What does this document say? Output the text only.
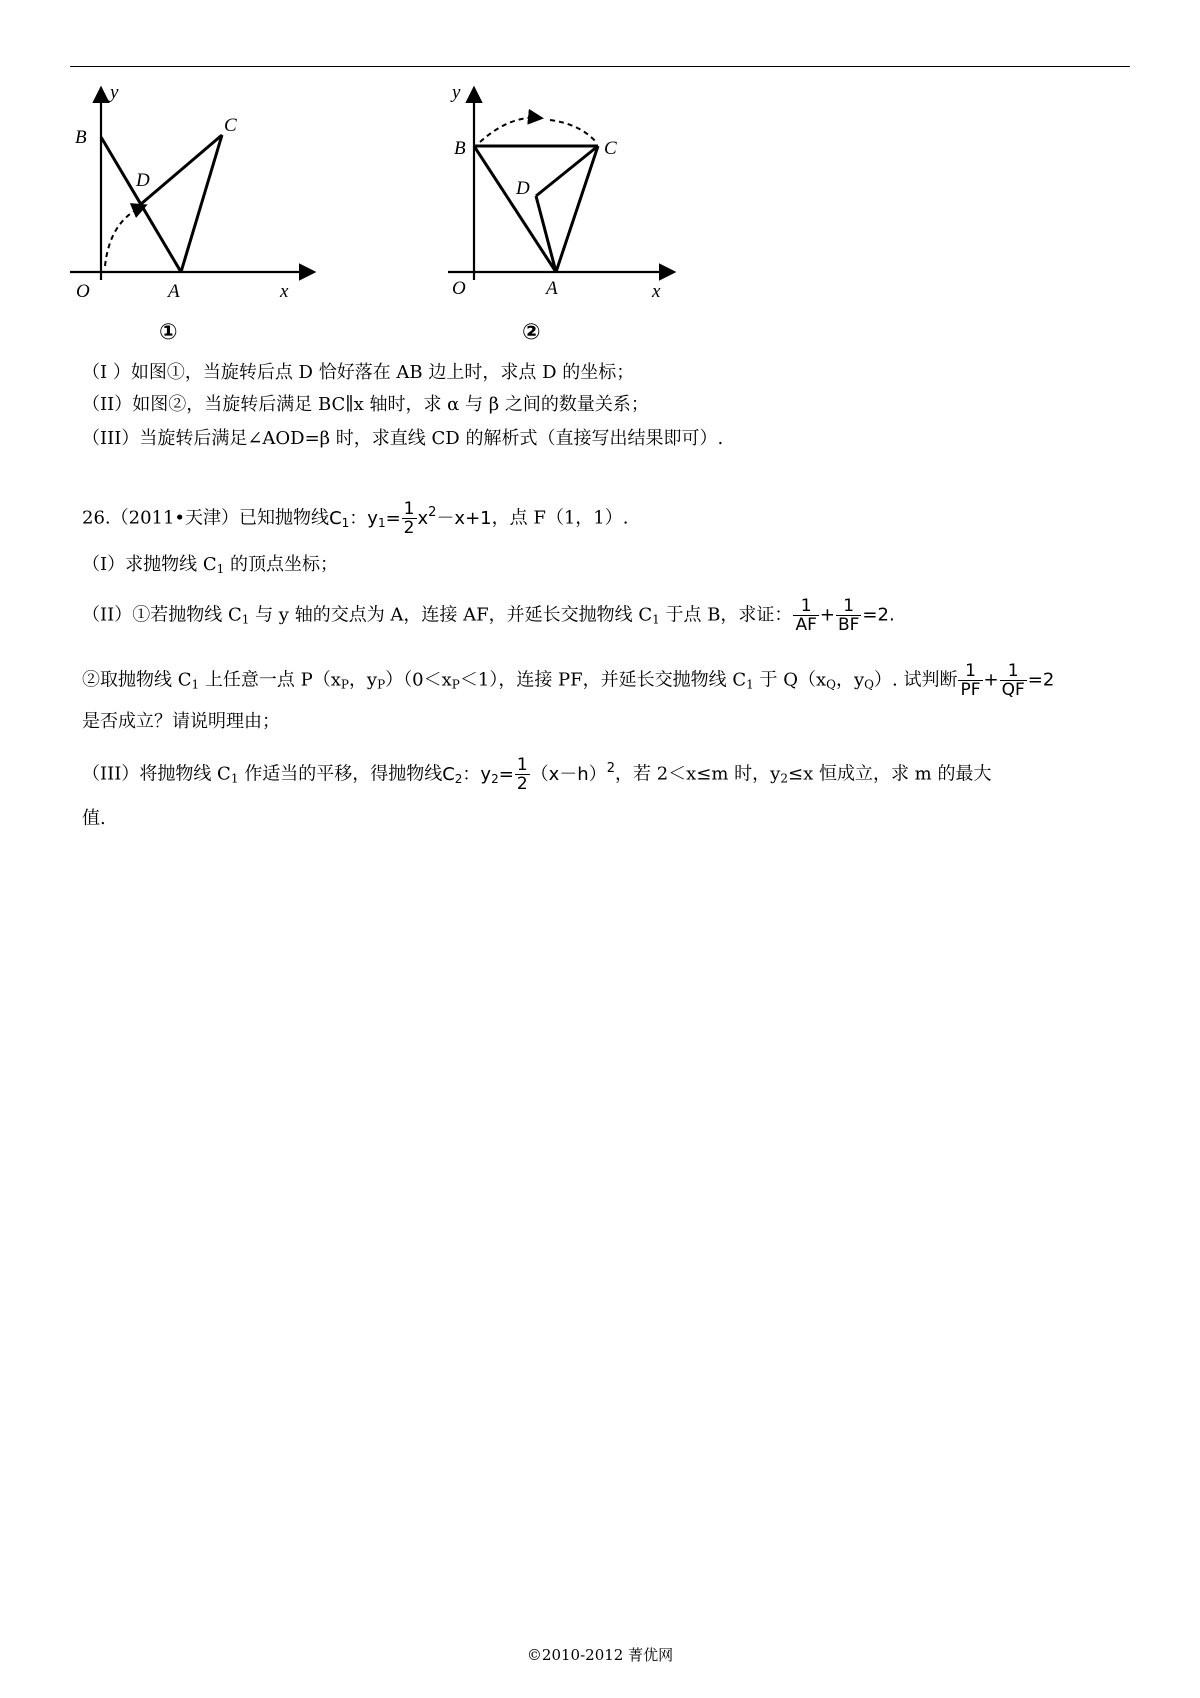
y
x
O	A
B
C
D
①
y
x
O	A
B	C
D
②
（I ）如图①，当旋转后点 D 恰好落在 AB 边上时，求点 D 的坐标；
（II）如图②，当旋转后满足 BC∥x 轴时，求 α 与 β 之间的数量关系；
（III）当旋转后满足∠AOD=β 时，求直线 CD 的解析式（直接写出结果即可）.
26.（2011•天津）已知抛物线$C_1$：$y_1= \frac{1}{2} x^2-x+1$，点 F（1，1）.
（I）求抛物线 $C_1$ 的顶点坐标；
（II）①若抛物线 $C_1$ 与 y 轴的交点为 A，连接 AF，并延长交抛物线 $C_1$ 于点 B，求证： $\frac{1}{AF} + \frac{1}{BF} =2$.
②取抛物线 $C_1$ 上任意一点 $P(x_P$，$y_P)(0<x_P<1)$，连接 PF，并延长交抛物线 $C_1$ 于 $Q(x_Q$，$y_Q$）. 试判断 $\frac{1}{PF} + \frac{1}{QF} =2$
是否成立？请说明理由；
（III）将抛物线 $C_1$ 作适当的平移，得抛物线$C_2$：$y_2= \frac{1}{2} (x-h)^2$，若 2＜x≤m 时，$y_2\le x$ 恒成立，求 m 的最大
值.
©2010-2012 菁优网
